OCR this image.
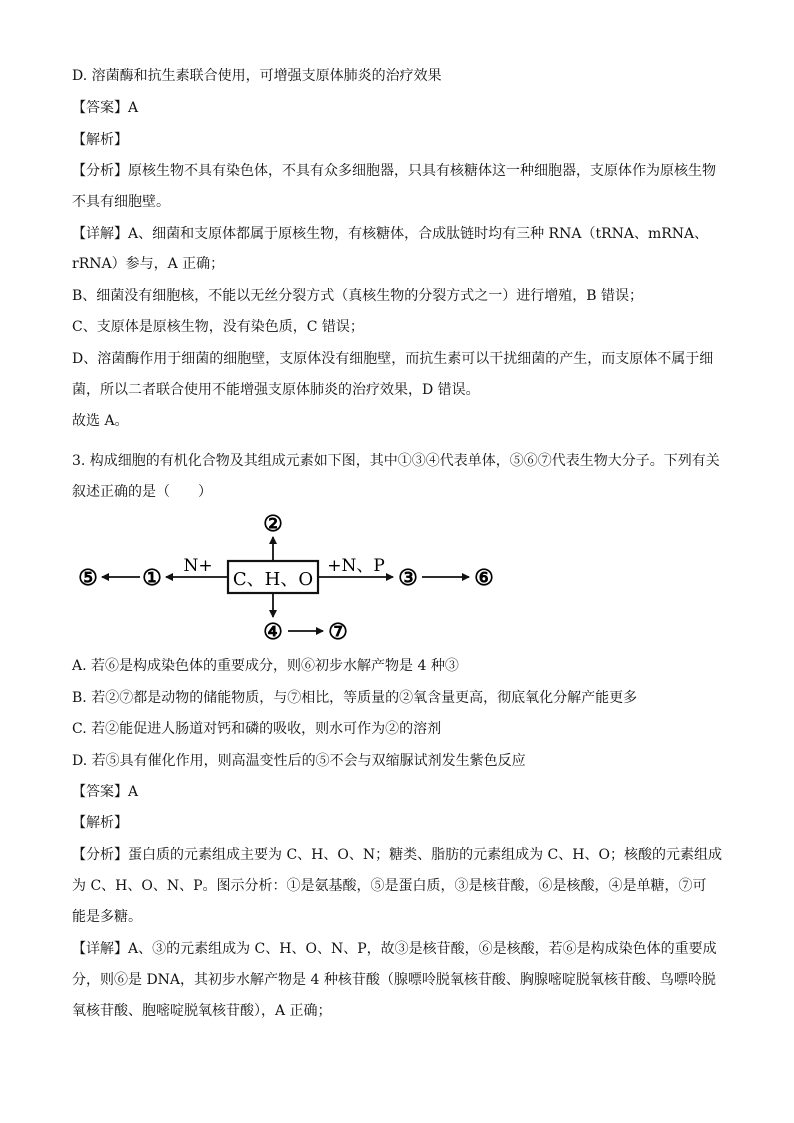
D. 溶菌酶和抗生素联合使用，可增强支原体肺炎的治疗效果
【答案】A
【解析】
【分析】原核生物不具有染色体，不具有众多细胞器，只具有核糖体这一种细胞器，支原体作为原核生物
不具有细胞壁。
【详解】A、细菌和支原体都属于原核生物，有核糖体，合成肽链时均有三种 RNA（tRNA、mRNA、
rRNA）参与，A 正确；
B、细菌没有细胞核，不能以无丝分裂方式（真核生物的分裂方式之一）进行增殖，B 错误；
C、支原体是原核生物，没有染色质，C 错误；
D、溶菌酶作用于细菌的细胞壁，支原体没有细胞壁，而抗生素可以干扰细菌的产生，而支原体不属于细
菌，所以二者联合使用不能增强支原体肺炎的治疗效果，D 错误。
故选 A。
3. 构成细胞的有机化合物及其组成元素如下图，其中①③④代表单体，⑤⑥⑦代表生物大分子。下列有关
叙述正确的是（　　）
C、H、O
②
N+
①
⑤	+N、P ③	⑥
④ ⑦
A. 若⑥是构成染色体的重要成分，则⑥初步水解产物是 4 种③
B. 若②⑦都是动物的储能物质，与⑦相比，等质量的②氧含量更高，彻底氧化分解产能更多
C. 若②能促进人肠道对钙和磷的吸收，则水可作为②的溶剂
D. 若⑤具有催化作用，则高温变性后的⑤不会与双缩脲试剂发生紫色反应
【答案】A
【解析】
【分析】蛋白质的元素组成主要为 C、H、O、N；糖类、脂肪的元素组成为 C、H、O；核酸的元素组成
为 C、H、O、N、P。图示分析：①是氨基酸，⑤是蛋白质，③是核苷酸，⑥是核酸，④是单糖，⑦可
能是多糖。
【详解】A、③的元素组成为 C、H、O、N、P，故③是核苷酸，⑥是核酸，若⑥是构成染色体的重要成
分，则⑥是 DNA，其初步水解产物是 4 种核苷酸（腺嘌呤脱氧核苷酸、胸腺嘧啶脱氧核苷酸、鸟嘌呤脱
氧核苷酸、胞嘧啶脱氧核苷酸），A 正确；
